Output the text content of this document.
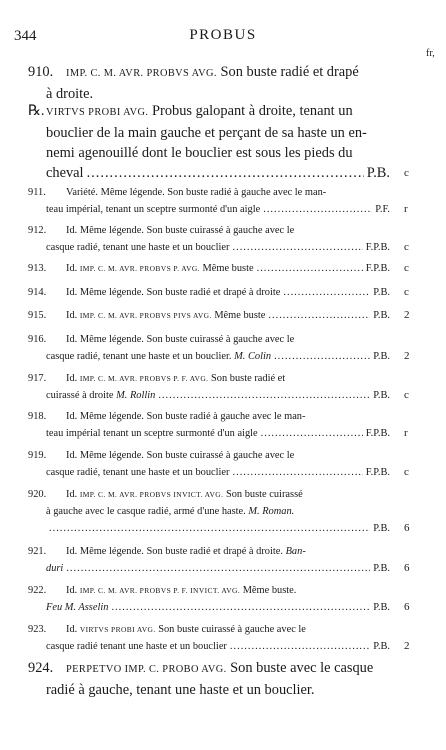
344	PROBUS
fr,
910.	IMP. C. M. AVR. PROBVS AVG. Son buste radié et drapé
à droite.
℞. VIRTVS PROBI AVG. Probus galopant à droite, tenant un
bouclier de la main gauche et perçant de sa haste un en-
nemi agenouillé dont le bouclier est sous les pieds du
cheval .....	P.B. c
911.	Variété. Même légende. Son buste radié à gauche avec le man-
teau impérial, tenant un sceptre surmonté d'un aigle .....	P.F. r
912.	Id. Même légende. Son buste cuirassé à gauche avec le
casque radié, tenant une haste et un bouclier .....	F.P.B. c
913.	Id. IMP. C. M. AVR. PROBVS P. AVG. Même buste .....	F.P.B. c
914.	Id. Même légende. Son buste radié et drapé à droite .....	P.B. c
915.	Id. IMP. C. M. AVR. PROBVS PIVS AVG. Même buste .....	P.B. 2
916.	Id. Même légende. Son buste cuirassé à gauche avec le
casque radié, tenant une haste et un bouclier. M. Colin .....	P.B. 2
917.	Id. IMP. C. M. AVR. PROBVS P. F. AVG. Son buste radié et
cuirassé à droite M. Rollin .....	P.B. c
918.	Id. Même légende. Son buste radié à gauche avec le man-
teau impérial tenant un sceptre surmonté d'un aigle .....	F.P.B. r
919.	Id. Même légende. Son buste cuirassé à gauche avec le
casque radié, tenant une haste et un bouclier .....	F.P.B. c
920.	Id. IMP. C. M. AVR. PROBVS INVICT. AVG. Son buste cuirassé
à gauche avec le casque radié, armé d'une haste. M. Roman.
.....
P.B. 6
921.	Id. Même légende. Son buste radié et drapé à droite. Ban-
duri .....	P.B. 6
922.	Id. IMP. C. M. AVR. PROBVS P. F. INVICT. AVG. Même buste.
Feu M. Asselin .....	P.B. 6
923.	Id. VIRTVS PROBI AVG. Son buste cuirassé à gauche avec le
casque radié tenant une haste et un bouclier .....	P.B. 2
924.	PERPETVO IMP. C. PROBO AVG. Son buste avec le casque
radié à gauche, tenant une haste et un bouclier.
